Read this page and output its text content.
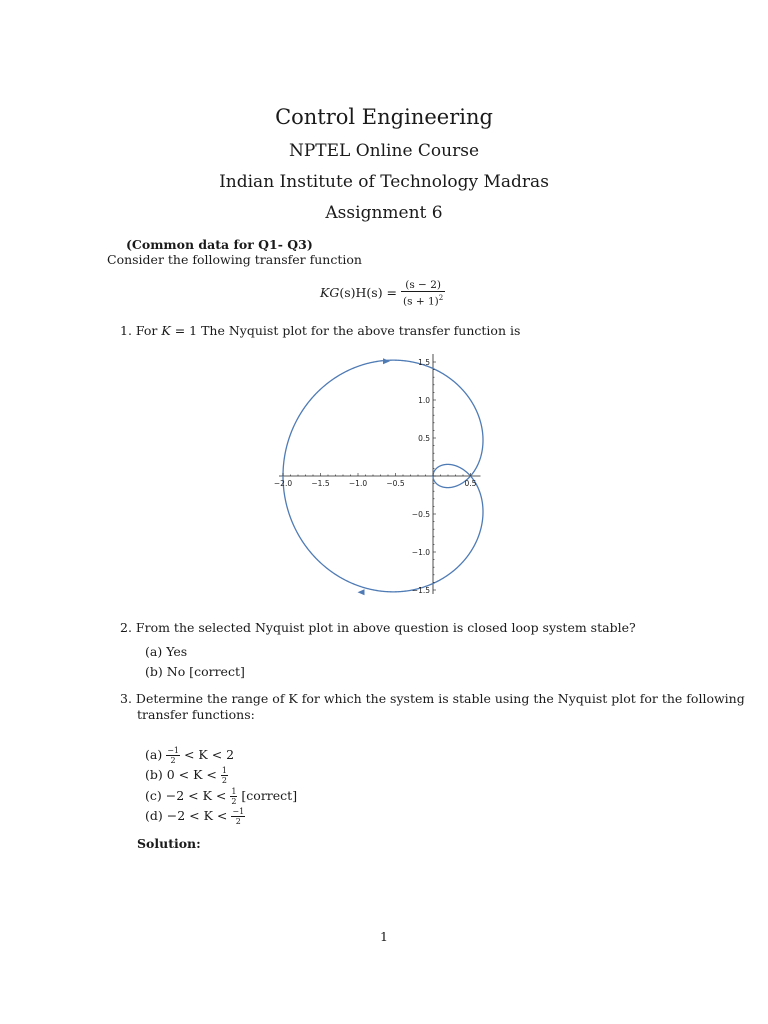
Control Engineering
NPTEL Online Course
Indian Institute of Technology Madras
Assignment 6
(Common data for Q1- Q3)
Consider the following transfer function
$KG(s)H(s) = \frac{(s - 2)}{(s + 1)^2}$
1. For K = 1 The Nyquist plot for the above transfer function is
−2.0	−1.5	−1.0	−0.5	0.5
1.5
1.0
0.5
−0.5
−1.0
−1.5
2. From the selected Nyquist plot in above question is closed loop system stable?
(a) Yes
(b) No [correct]
3. Determine the range of K for which the system is stable using the Nyquist plot for the following
transfer functions:
$(a) \frac{-1}{2} < K < 2$
(b) $0 < K < \frac{1}{2}$
$(c) -2 < K < \frac{1}{2}$ [correct]
$(d) -2 < K < \frac{-1}{2}$
Solution:
1
